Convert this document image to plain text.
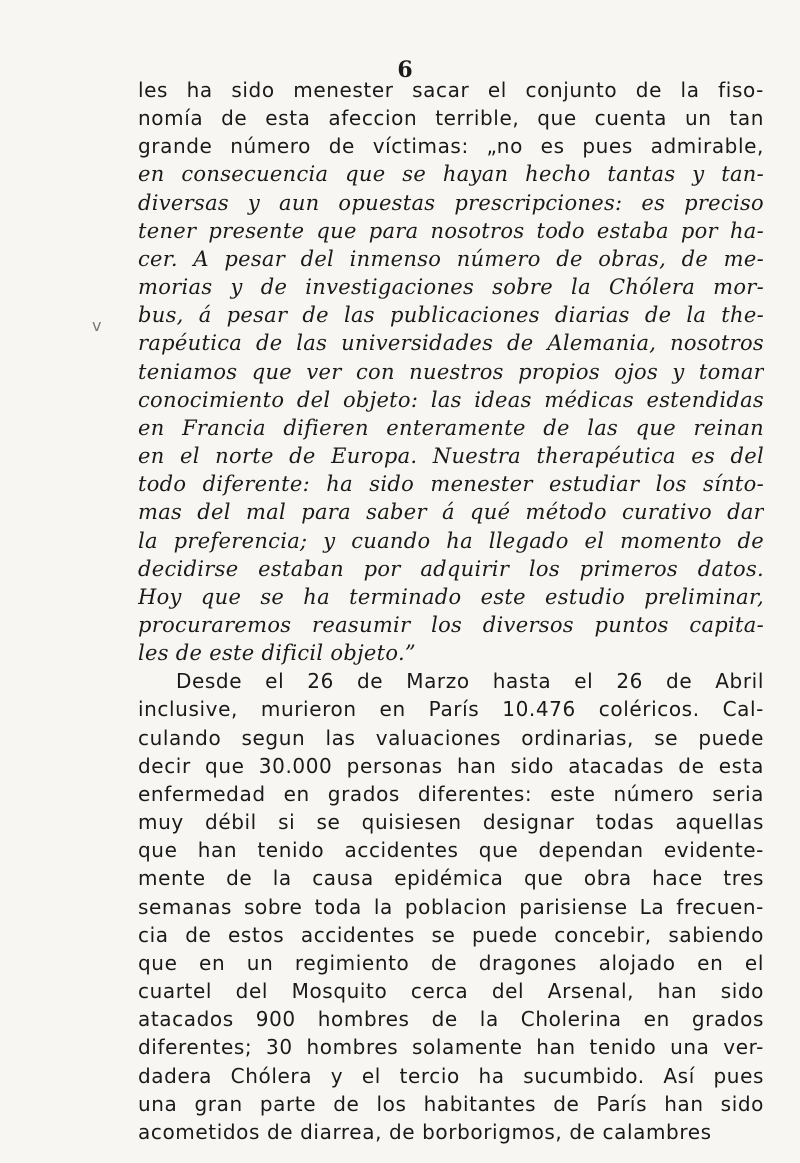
6
v
les ha sido menester sacar el conjunto de la fiso-
nomía de esta afeccion terrible, que cuenta un tan
grande número de víctimas: „no es pues admirable,
en consecuencia que se hayan hecho tantas y tan-
diversas y aun opuestas prescripciones: es preciso
tener presente que para nosotros todo estaba por ha-
cer. A pesar del inmenso número de obras, de me-
morias y de investigaciones sobre la Chólera mor-
bus, á pesar de las publicaciones diarias de la the-
rapéutica de las universidades de Alemania, nosotros
teniamos que ver con nuestros propios ojos y tomar
conocimiento del objeto: las ideas médicas estendidas
en Francia difieren enteramente de las que reinan
en el norte de Europa. Nuestra therapéutica es del
todo diferente: ha sido menester estudiar los sínto-
mas del mal para saber á qué método curativo dar
la preferencia; y cuando ha llegado el momento de
decidirse estaban por adquirir los primeros datos.
Hoy que se ha terminado este estudio preliminar,
procuraremos reasumir los diversos puntos capita-
les de este dificil objeto.”
Desde el 26 de Marzo hasta el 26 de Abril
inclusive, murieron en París 10.476 coléricos. Cal-
culando segun las valuaciones ordinarias, se puede
decir que 30.000 personas han sido atacadas de esta
enfermedad en grados diferentes: este número seria
muy débil si se quisiesen designar todas aquellas
que han tenido accidentes que dependan evidente-
mente de la causa epidémica que obra hace tres
semanas sobre toda la poblacion parisiense La frecuen-
cia de estos accidentes se puede concebir, sabiendo
que en un regimiento de dragones alojado en el
cuartel del Mosquito cerca del Arsenal, han sido
atacados 900 hombres de la Cholerina en grados
diferentes; 30 hombres solamente han tenido una ver-
dadera Chólera y el tercio ha sucumbido. Así pues
una gran parte de los habitantes de París han sido
acometidos de diarrea, de borborigmos, de calambres
